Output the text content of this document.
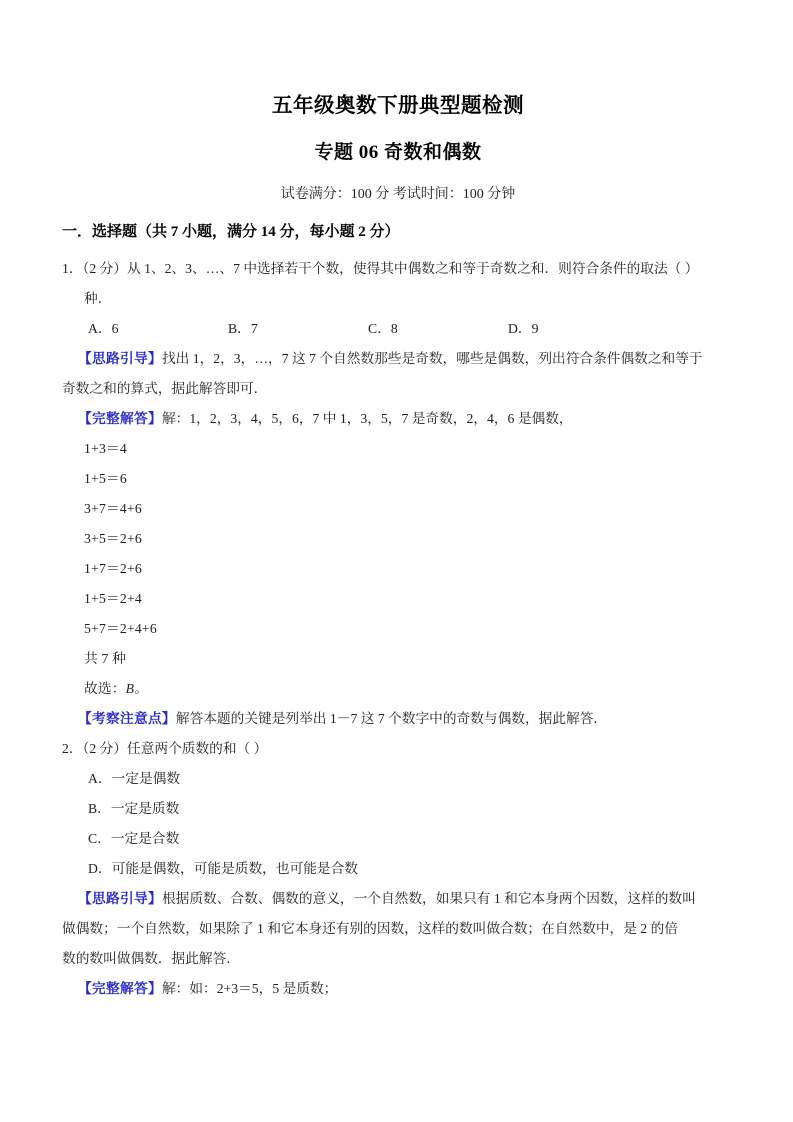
五年级奥数下册典型题检测
专题 06 奇数和偶数
试卷满分：100 分 考试时间：100 分钟
一．选择题（共 7 小题，满分 14 分，每小题 2 分）
1．（2 分）从 1、2、3、…、7 中选择若干个数，使得其中偶数之和等于奇数之和．则符合条件的取法（ ）
种．
A．6	B．7	C．8	D．9
【思路引导】找出 1，2，3，…，7 这 7 个自然数那些是奇数，哪些是偶数，列出符合条件偶数之和等于
奇数之和的算式，据此解答即可．
【完整解答】解：1，2，3，4，5，6，7 中 1，3，5，7 是奇数，2，4，6 是偶数，
1+3＝4
1+5＝6
3+7＝4+6
3+5＝2+6
1+7＝2+6
1+5＝2+4
5+7＝2+4+6
共 7 种
故选：B。
【考察注意点】解答本题的关键是列举出 1－7 这 7 个数字中的奇数与偶数，据此解答．
2．（2 分）任意两个质数的和（ ）
A．一定是偶数
B．一定是质数
C．一定是合数
D．可能是偶数，可能是质数，也可能是合数
【思路引导】根据质数、合数、偶数的意义，一个自然数，如果只有 1 和它本身两个因数，这样的数叫
做偶数；一个自然数，如果除了 1 和它本身还有别的因数，这样的数叫做合数；在自然数中，是 2 的倍
数的数叫做偶数．据此解答．
【完整解答】解：如：2+3＝5，5 是质数；
